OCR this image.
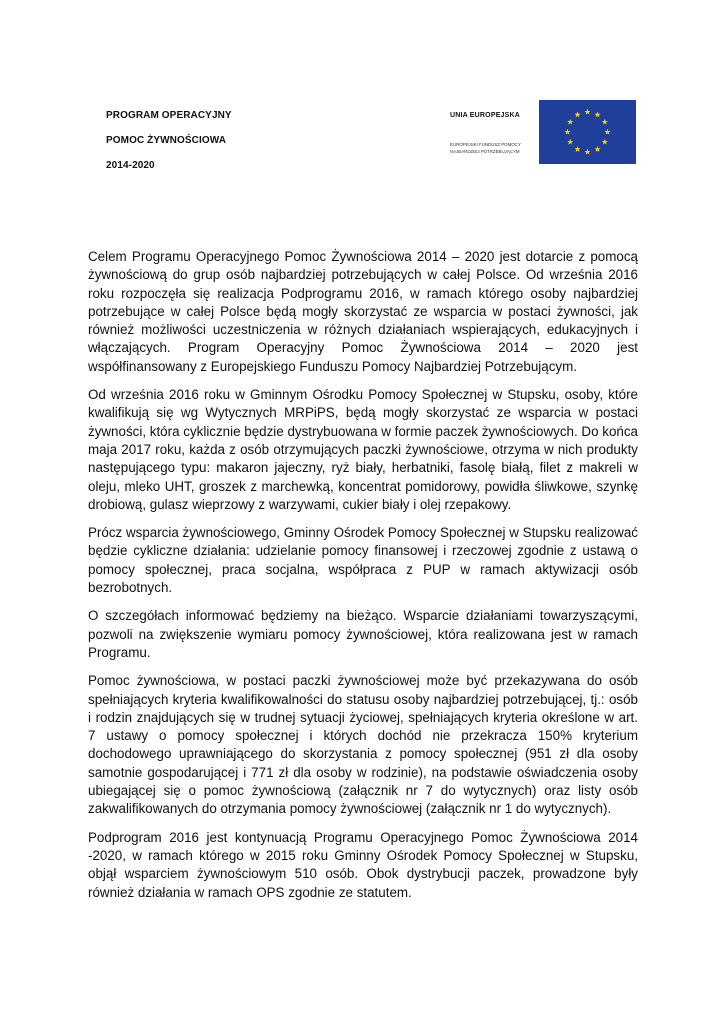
PROGRAM OPERACYJNY
POMOC ŻYWNOŚCIOWA
2014-2020
UNIA EUROPEJSKA
EUROPEJSKI FUNDUSZ POMOCY
NAJBARDZIEJ POTRZEBUJĄCYM

Celem Programu Operacyjnego Pomoc Żywnościowa 2014 – 2020 jest dotarcie z pomocą żywnościową do grup osób najbardziej potrzebujących w całej Polsce. Od września 2016 roku rozpoczęła się realizacja Podprogramu 2016, w ramach którego osoby najbardziej potrzebujące w całej Polsce będą mogły skorzystać ze wsparcia w postaci żywności, jak również możliwości uczestniczenia w różnych działaniach wspierających, edukacyjnych i włączających. Program Operacyjny Pomoc Żywnościowa 2014 – 2020 jest współfinansowany z Europejskiego Funduszu Pomocy Najbardziej Potrzebującym.

Od września 2016 roku w Gminnym Ośrodku Pomocy Społecznej w Stupsku, osoby, które kwalifikują się wg Wytycznych MRPiPS, będą mogły skorzystać ze wsparcia w postaci żywności, która cyklicznie będzie dystrybuowana w formie paczek żywnościowych. Do końca maja 2017 roku, każda z osób otrzymujących paczki żywnościowe, otrzyma w nich produkty następującego typu: makaron jajeczny, ryż biały, herbatniki, fasolę białą, filet z makreli w oleju, mleko UHT, groszek z marchewką, koncentrat pomidorowy, powidła śliwkowe, szynkę drobiową, gulasz wieprzowy z warzywami, cukier biały i olej rzepakowy.

Prócz wsparcia żywnościowego, Gminny Ośrodek Pomocy Społecznej w Stupsku realizować będzie cykliczne działania: udzielanie pomocy finansowej i rzeczowej zgodnie z ustawą o pomocy społecznej, praca socjalna, współpraca z PUP w ramach aktywizacji osób bezrobotnych.

O szczegółach informować będziemy na bieżąco. Wsparcie działaniami towarzyszącymi, pozwoli na zwiększenie wymiaru pomocy żywnościowej, która realizowana jest w ramach Programu.

Pomoc żywnościowa, w postaci paczki żywnościowej może być przekazywana do osób spełniających kryteria kwalifikowalności do statusu osoby najbardziej potrzebującej, tj.: osób i rodzin znajdujących się w trudnej sytuacji życiowej, spełniających kryteria określone w art. 7 ustawy o pomocy społecznej i których dochód nie przekracza 150% kryterium dochodowego uprawniającego do skorzystania z pomocy społecznej (951 zł dla osoby samotnie gospodarującej i 771 zł dla osoby w rodzinie), na podstawie oświadczenia osoby ubiegającej się o pomoc żywnościową (załącznik nr 7 do wytycznych) oraz listy osób zakwalifikowanych do otrzymania pomocy żywnościowej (załącznik nr 1 do wytycznych).

Podprogram 2016 jest kontynuacją Programu Operacyjnego Pomoc Żywnościowa 2014 -2020, w ramach którego w 2015 roku Gminny Ośrodek Pomocy Społecznej w Stupsku, objął wsparciem żywnościowym 510 osób. Obok dystrybucji paczek, prowadzone były również działania w ramach OPS zgodnie ze statutem.
